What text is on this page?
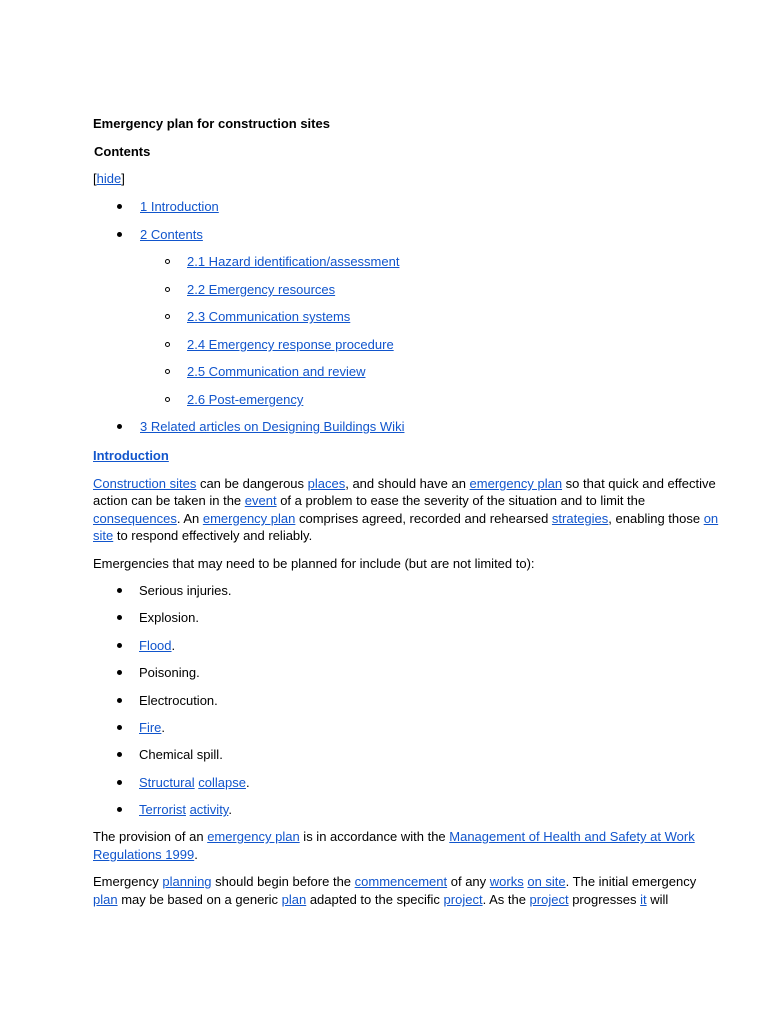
Emergency plan for construction sites
Contents
[hide]
1 Introduction
2 Contents
2.1 Hazard identification/assessment
2.2 Emergency resources
2.3 Communication systems
2.4 Emergency response procedure
2.5 Communication and review
2.6 Post-emergency
3 Related articles on Designing Buildings Wiki
Introduction
Construction sites can be dangerous places, and should have an emergency plan so that quick and effective
action can be taken in the event of a problem to ease the severity of the situation and to limit the
consequences. An emergency plan comprises agreed, recorded and rehearsed strategies, enabling those on
site to respond effectively and reliably.
Emergencies that may need to be planned for include (but are not limited to):
Serious injuries.
Explosion.
Flood.
Poisoning.
Electrocution.
Fire.
Chemical spill.
Structural collapse.
Terrorist activity.
The provision of an emergency plan is in accordance with the Management of Health and Safety at Work
Regulations 1999.
Emergency planning should begin before the commencement of any works on site. The initial emergency
plan may be based on a generic plan adapted to the specific project. As the project progresses it will
